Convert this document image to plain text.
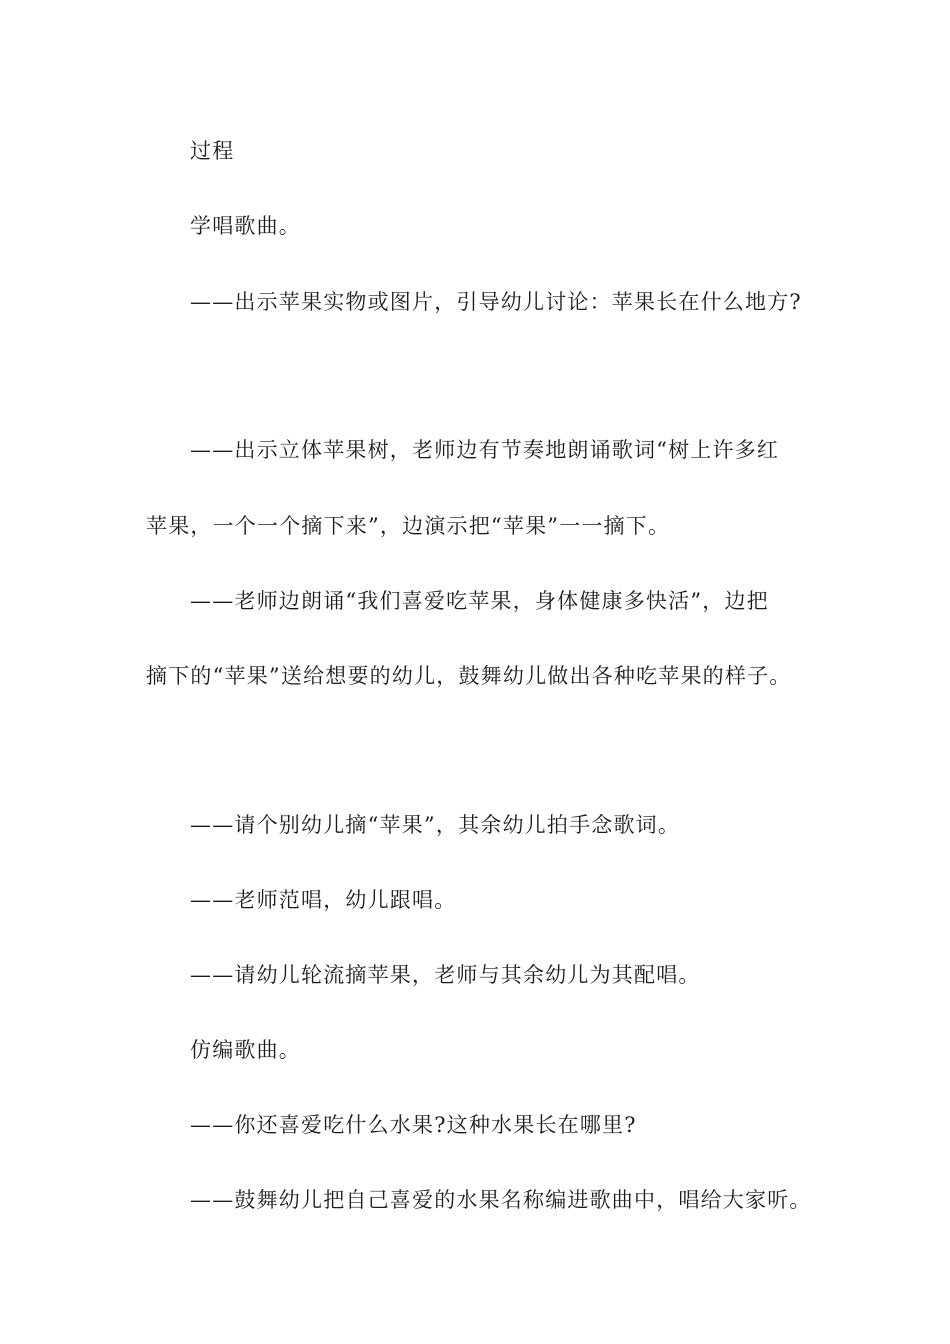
过程
学唱歌曲。
——出示苹果实物或图片，引导幼儿讨论：苹果长在什么地方?
——出示立体苹果树，老师边有节奏地朗诵歌词“树上许多红
苹果，一个一个摘下来”，边演示把“苹果”一一摘下。
——老师边朗诵“我们喜爱吃苹果，身体健康多快活”，边把
摘下的“苹果”送给想要的幼儿，鼓舞幼儿做出各种吃苹果的样子。
——请个别幼儿摘“苹果”，其余幼儿拍手念歌词。
——老师范唱，幼儿跟唱。
——请幼儿轮流摘苹果，老师与其余幼儿为其配唱。
仿编歌曲。
——你还喜爱吃什么水果?这种水果长在哪里?
——鼓舞幼儿把自己喜爱的水果名称编进歌曲中，唱给大家听。
